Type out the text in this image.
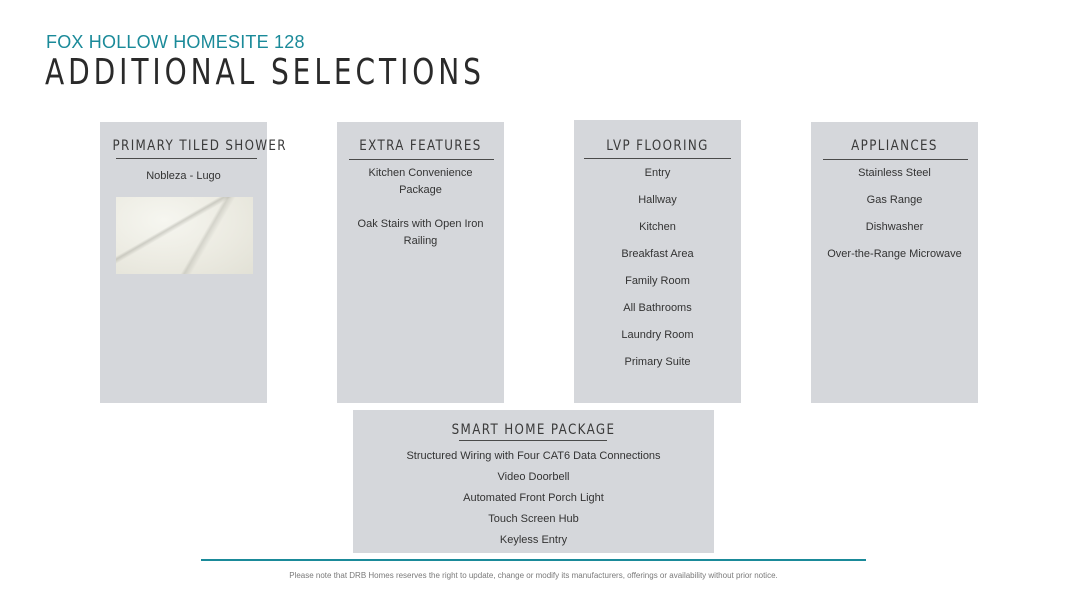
FOX HOLLOW HOMESITE 128
ADDITIONAL SELECTIONS
PRIMARY TILED SHOWER
Nobleza - Lugo
EXTRA FEATURES
Kitchen Convenience Package
Oak Stairs with Open Iron Railing
LVP FLOORING
Entry
Hallway
Kitchen
Breakfast Area
Family Room
All Bathrooms
Laundry Room
Primary Suite
APPLIANCES
Stainless Steel
Gas Range
Dishwasher
Over-the-Range Microwave
SMART HOME PACKAGE
Structured Wiring with Four CAT6 Data Connections
Video Doorbell
Automated Front Porch Light
Touch Screen Hub
Keyless Entry
Please note that DRB Homes reserves the right to update, change or modify its manufacturers, offerings or availability without prior notice.
